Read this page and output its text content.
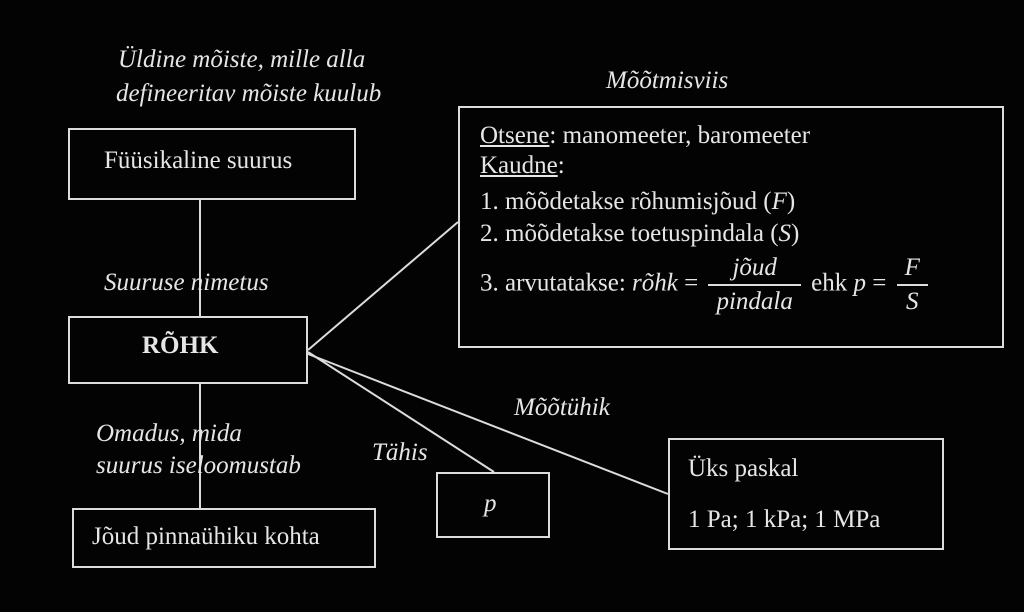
Üldine mõiste, mille alla
defineeritav mõiste kuulub
Suuruse nimetus
Omadus, mida
suurus iseloomustab	Tähis
Mõõtmisviis
Mõõtühik
Füüsikaline suurus
RÕHK
Jõud pinnaühiku kohta
p
Otsene: manomeeter, baromeeter
Kaudne:
1. mõõdetakse rõhumisjõud (F)
2. mõõdetakse toetuspindala (S)
3. arvutatakse: rõhk = $\frac{\text{jõud}}{\text{pindala}}$ ehk $p = \frac{F}{S}$
Üks paskal
1 Pa; 1 kPa; 1 MPa
